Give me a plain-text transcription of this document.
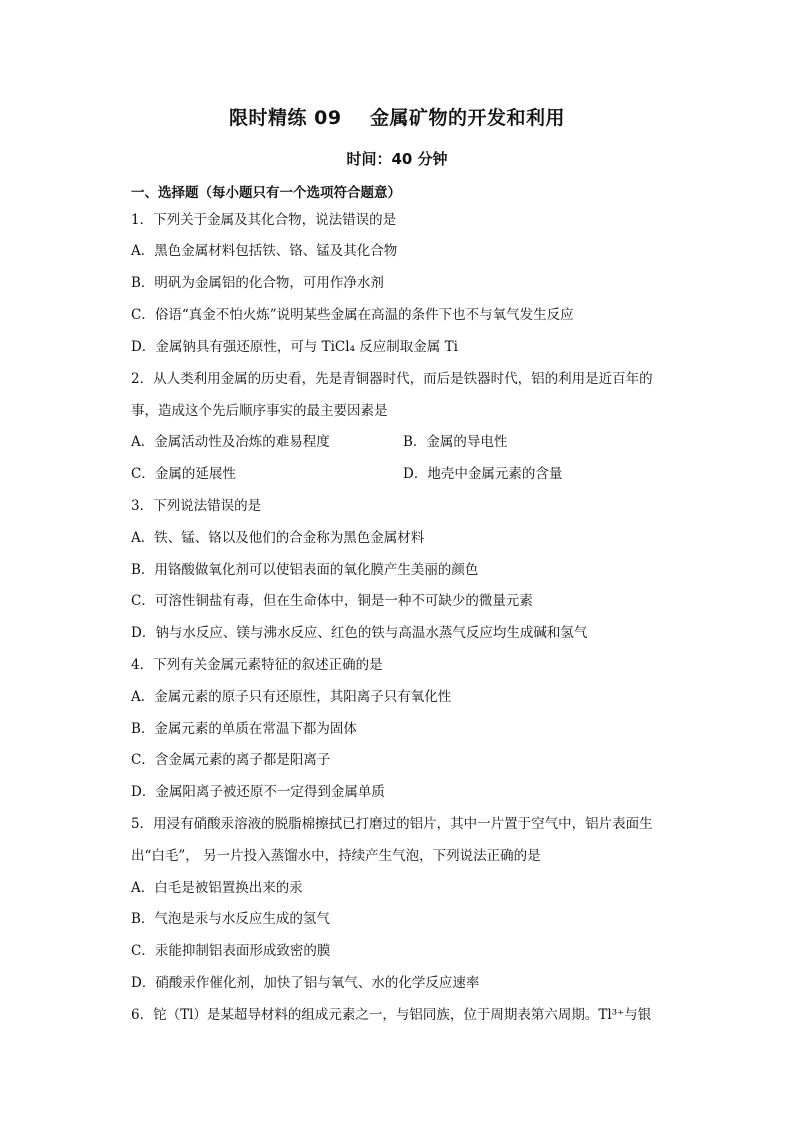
限时精练 09    金属矿物的开发和利用
时间：40 分钟
一、选择题（每小题只有一个选项符合题意）
1．下列关于金属及其化合物，说法错误的是
A．黑色金属材料包括铁、铬、锰及其化合物
B．明矾为金属铝的化合物，可用作净水剂
C．俗语“真金不怕火炼”说明某些金属在高温的条件下也不与氧气发生反应
D．金属钠具有强还原性，可与 TiCl₄ 反应制取金属 Ti
2．从人类利用金属的历史看，先是青铜器时代，而后是铁器时代，铝的利用是近百年的
事，造成这个先后顺序事实的最主要因素是
A．金属活动性及冶炼的难易程度	B．金属的导电性
C．金属的延展性	D．地壳中金属元素的含量
3．下列说法错误的是
A．铁、锰、铬以及他们的合金称为黑色金属材料
B．用铬酸做氧化剂可以使铝表面的氧化膜产生美丽的颜色
C．可溶性铜盐有毒，但在生命体中，铜是一种不可缺少的微量元素
D．钠与水反应、镁与沸水反应、红色的铁与高温水蒸气反应均生成碱和氢气
4．下列有关金属元素特征的叙述正确的是
A．金属元素的原子只有还原性，其阳离子只有氧化性
B．金属元素的单质在常温下都为固体
C．含金属元素的离子都是阳离子
D．金属阳离子被还原不一定得到金属单质
5．用浸有硝酸汞溶液的脱脂棉擦拭已打磨过的铝片，其中一片置于空气中，铝片表面生
出“白毛”， 另一片投入蒸馏水中，持续产生气泡，下列说法正确的是
A．白毛是被铝置换出来的汞
B．气泡是汞与水反应生成的氢气
C．汞能抑制铝表面形成致密的膜
D．硝酸汞作催化剂，加快了铝与氧气、水的化学反应速率
6．铊（Tl）是某超导材料的组成元素之一，与铝同族，位于周期表第六周期。Tl³⁺与银
